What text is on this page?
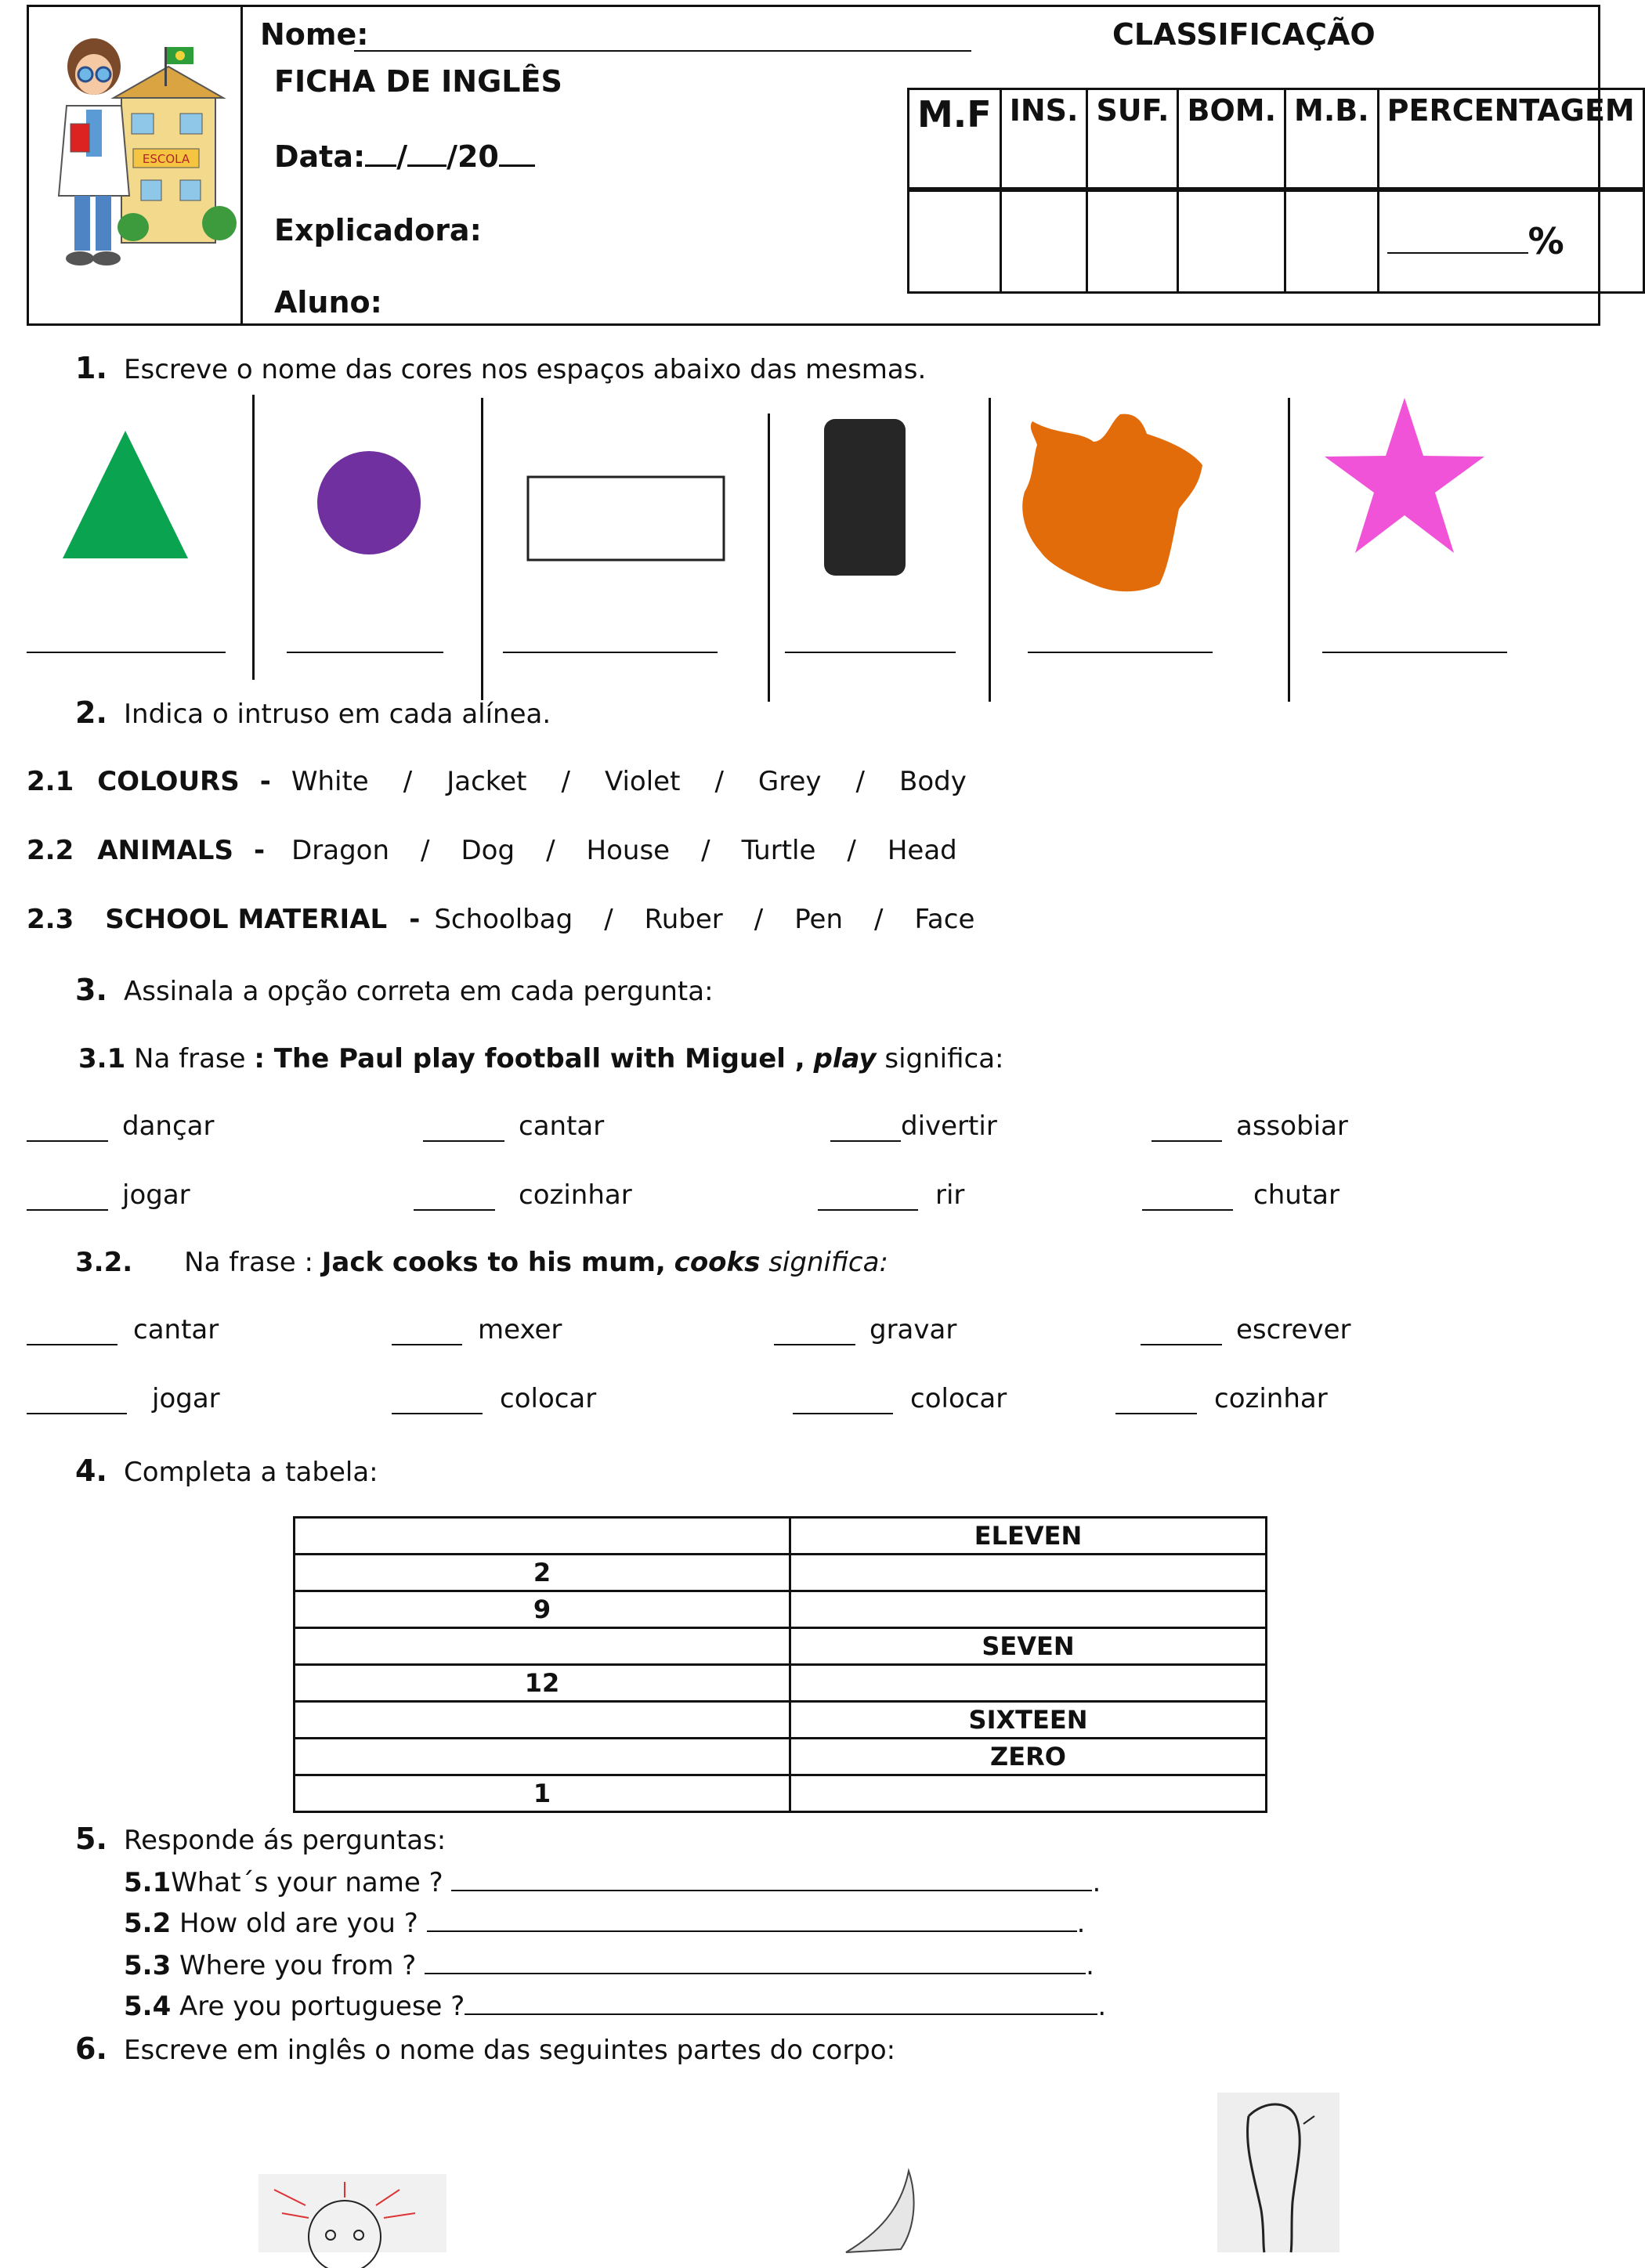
ESCOLA
Nome:	CLASSIFICAÇÃO
FICHA DE INGLÊS
Data: / /20
Explicadora:
Aluno:
M.F	INS.	SUF.	BOM.	M.B.	PERCENTAGEM
					%
1. Escreve o nome das cores nos espaços abaixo das mesmas.
2. Indica o intruso em cada alínea.
2.1 COLOURS - White / Jacket / Violet / Grey / Body
2.2 ANIMALS - Dragon / Dog / House / Turtle / Head
2.3 SCHOOL MATERIAL - Schoolbag / Ruber / Pen / Face
3. Assinala a opção correta em cada pergunta:
3.1 Na frase : The Paul play football with Miguel , play significa:
dançar	cantar	divertir	assobiar
jogar	cozinhar	rir	chutar
3.2. Na frase : Jack cooks to his mum, cooks significa:
cantar	mexer	gravar	escrever
jogar	colocar	colocar	cozinhar
4. Completa a tabela:
	ELEVEN
2	
9	
	SEVEN
12	
	SIXTEEN
	ZERO
1	
5. Responde ás perguntas:
5.1What´s your name ?	.
5.2 How old are you ?	.
5.3 Where you from ?	.
5.4 Are you portuguese ?	.
6. Escreve em inglês o nome das seguintes partes do corpo:
